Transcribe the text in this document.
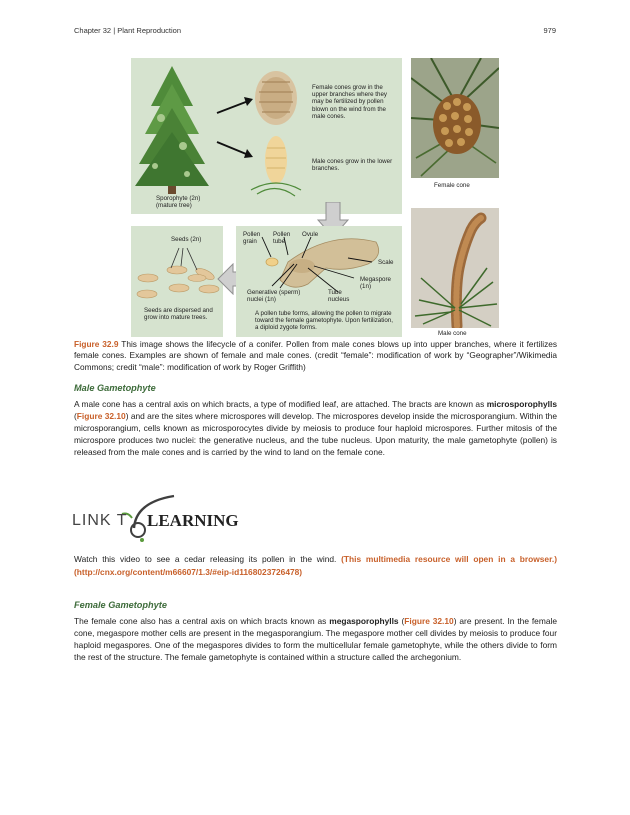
Chapter 32 | Plant Reproduction	979
Sporophyte (2n)
(mature tree)
Female cones grow in the upper branches where they may be fertilized by pollen blown on the wind from the male cones.
Male cones grow in the lower branches.
Seeds (2n)
Seeds are dispersed and grow into mature trees.
Pollen grain
Pollen tube
Ovule
Scale
Megaspore (1n)
Generative (sperm) nuclei (1n)
Tube nucleus
A pollen tube forms, allowing the pollen to migrate toward the female gametophyte. Upon fertilization, a diploid zygote forms.
Female cone
Male cone
Figure 32.9 This image shows the lifecycle of a conifer. Pollen from male cones blows up into upper branches, where it fertilizes female cones. Examples are shown of female and male cones. (credit “female”: modification of work by “Geographer”/Wikimedia Commons; credit “male”: modification of work by Roger Griffith)
Male Gametophyte
A male cone has a central axis on which bracts, a type of modified leaf, are attached. The bracts are known as microsporophylls (Figure 32.10) and are the sites where microspores will develop. The microspores develop inside the microsporangium. Within the microsporangium, cells known as microsporocytes divide by meiosis to produce four haploid microspores. Further mitosis of the microspore produces two nuclei: the generative nucleus, and the tube nucleus. Upon maturity, the male gametophyte (pollen) is released from the male cones and is carried by the wind to land on the female cone.
LINK T LEARNING
Watch this video to see a cedar releasing its pollen in the wind. (This multimedia resource will open in a browser.) (http://cnx.org/content/m66607/1.3/#eip-id1168023726478)
Female Gametophyte
The female cone also has a central axis on which bracts known as megasporophylls (Figure 32.10) are present. In the female cone, megaspore mother cells are present in the megasporangium. The megaspore mother cell divides by meiosis to produce four haploid megaspores. One of the megaspores divides to form the multicellular female gametophyte, while the others divide to form the rest of the structure. The female gametophyte is contained within a structure called the archegonium.
